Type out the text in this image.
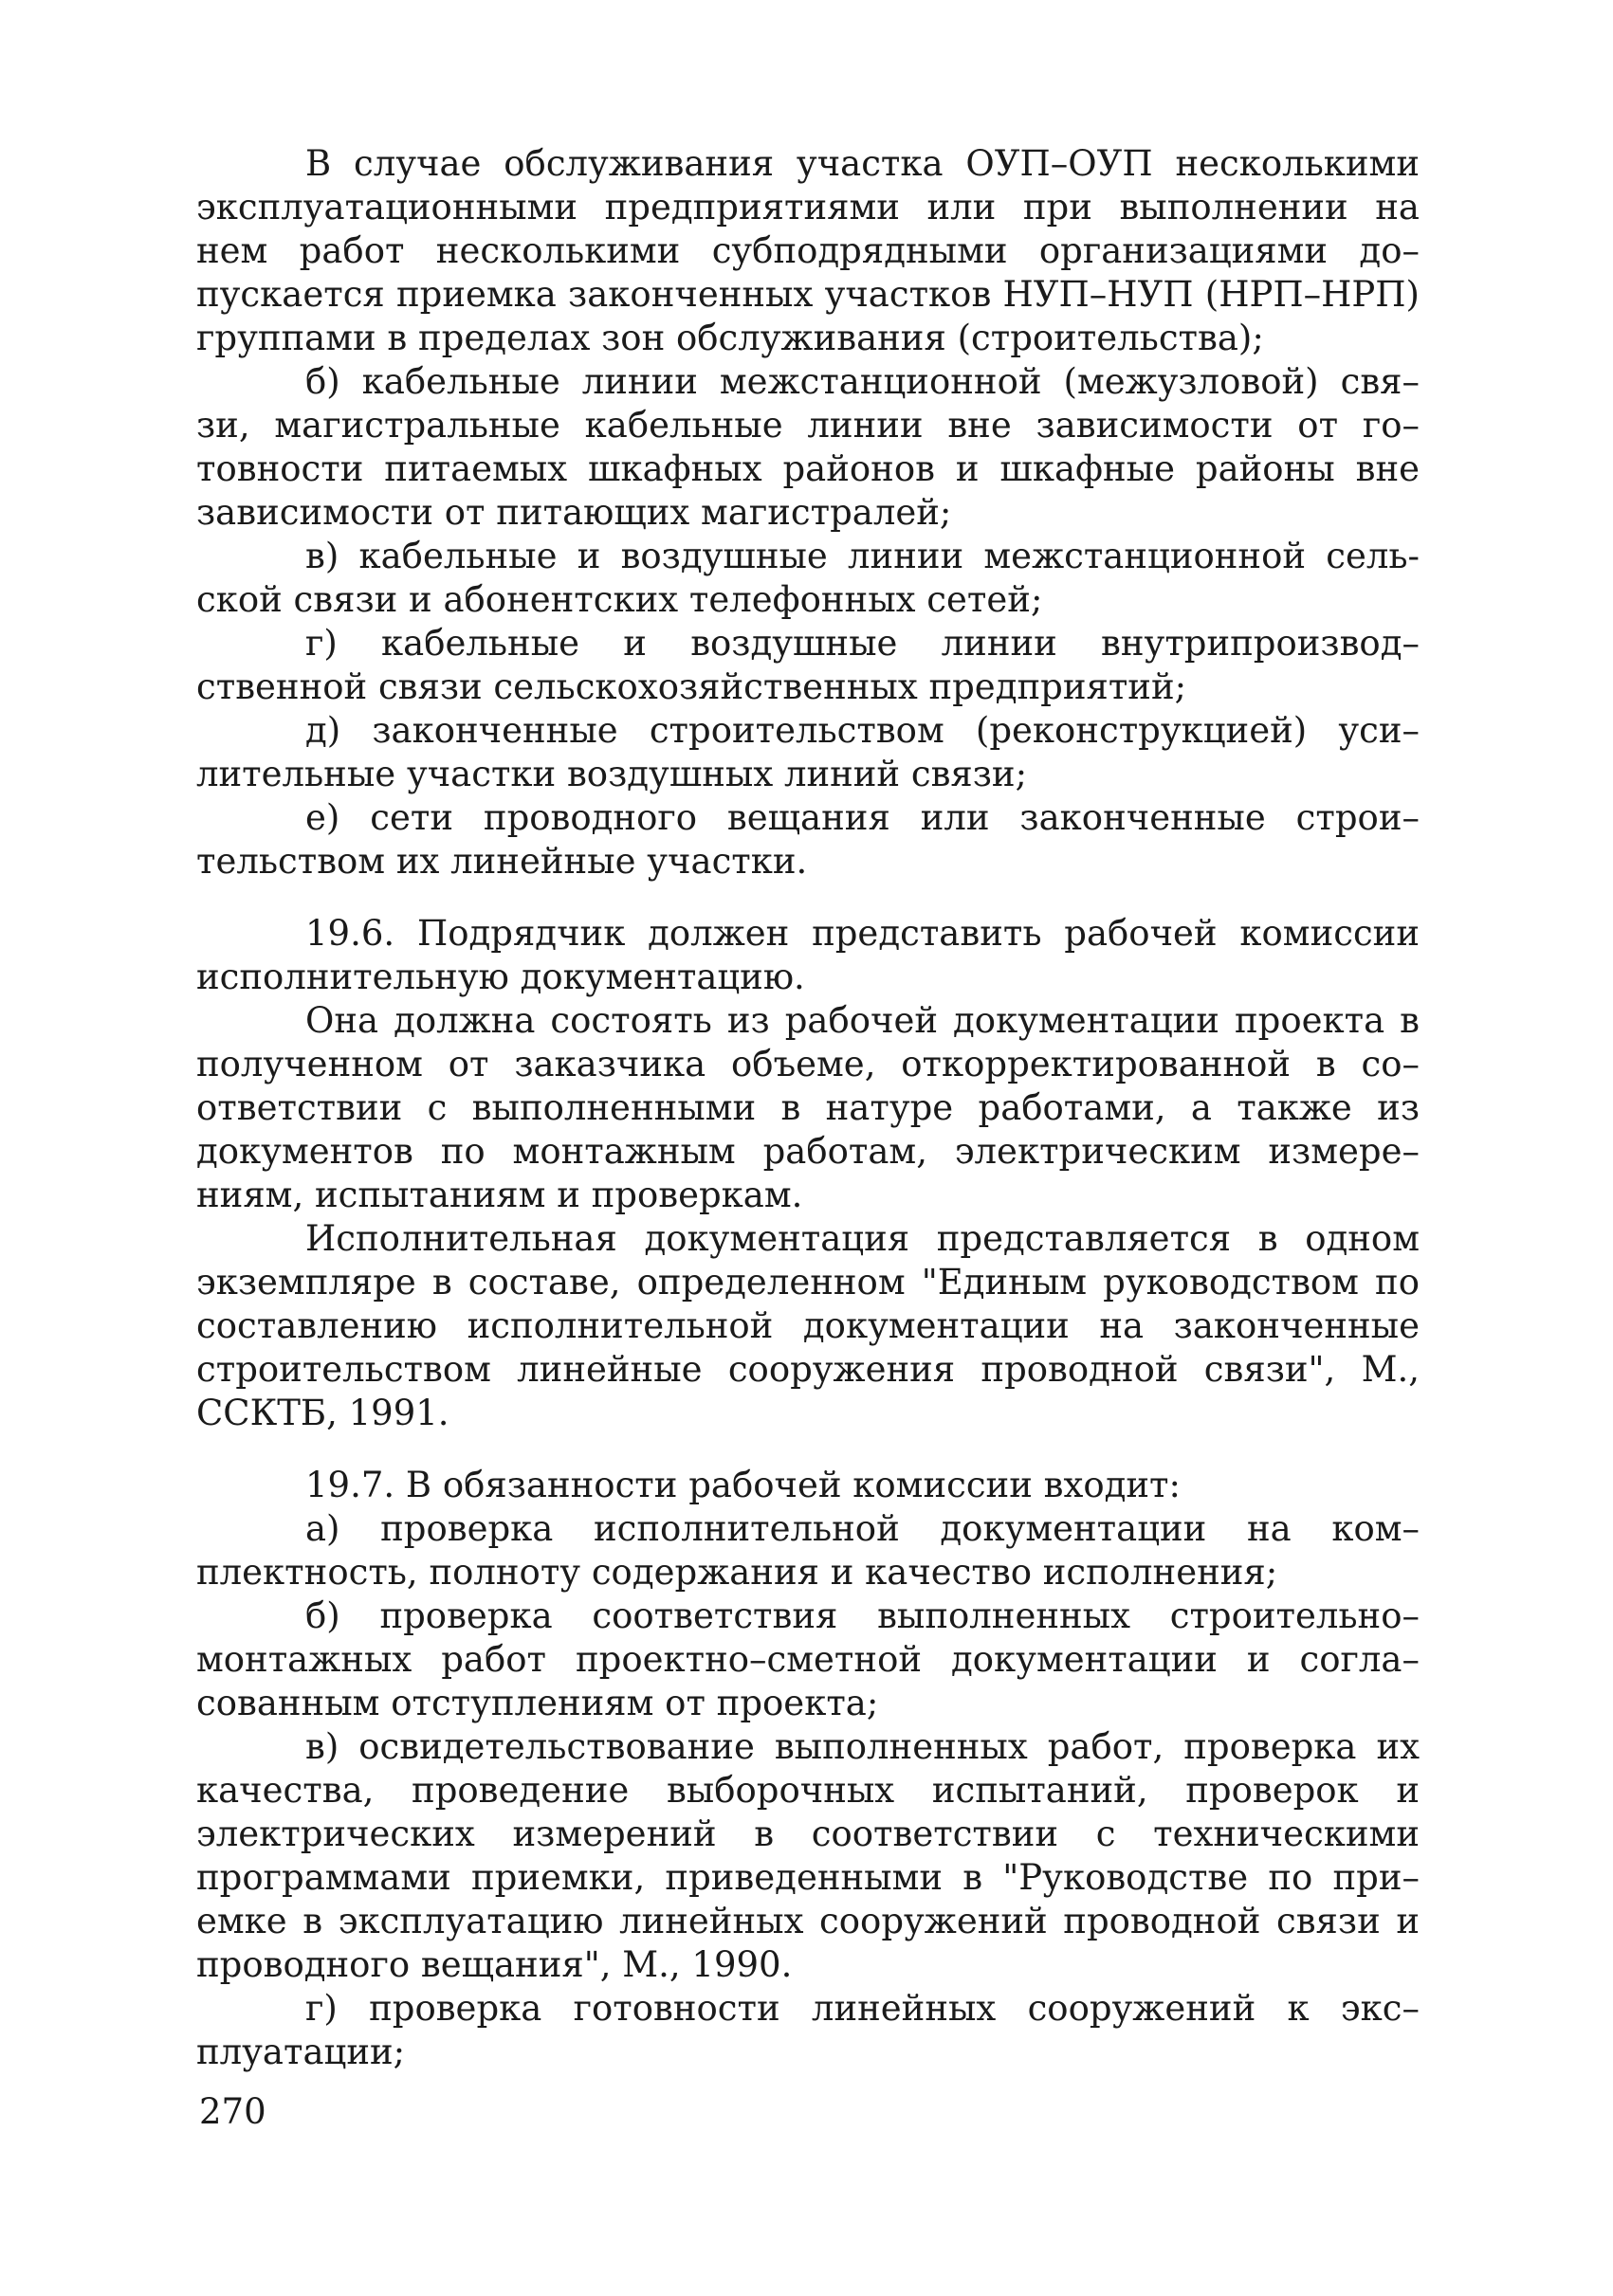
В случае обслуживания участка ОУП–ОУП несколькими эксплуатационными предприятиями или при выполнении на нем работ несколькими субподрядными организациями до–пускается приемка законченных участков НУП–НУП (НРП–НРП) группами в пределах зон обслуживания (строительства);

б) кабельные линии межстанционной (межузловой) свя–зи, магистральные кабельные линии вне зависимости от го–товности питаемых шкафных районов и шкафные районы вне зависимости от питающих магистралей;

в) кабельные и воздушные линии межстанционной сель-ской связи и абонентских телефонных сетей;

г) кабельные и воздушные линии внутрипроизвод–ственной связи сельскохозяйственных предприятий;

д) законченные строительством (реконструкцией) уси–лительные участки воздушных линий связи;

е) сети проводного вещания или законченные строи–тельством их линейные участки.

19.6. Подрядчик должен представить рабочей комиссии исполнительную документацию.

Она должна состоять из рабочей документации проекта в полученном от заказчика объеме, откорректированной в со–ответствии с выполненными в натуре работами, а также из документов по монтажным работам, электрическим измере–ниям, испытаниям и проверкам.

Исполнительная документация представляется в одном экземпляре в составе, определенном "Единым руководством по составлению исполнительной документации на законченные строительством линейные сооружения проводной связи", М., ССКТБ, 1991.

19.7. В обязанности рабочей комиссии входит:

а) проверка исполнительной документации на ком–плектность, полноту содержания и качество исполнения;

б) проверка соответствия выполненных строительно–монтажных работ проектно–сметной документации и согла–сованным отступлениям от проекта;

в) освидетельствование выполненных работ, проверка их качества, проведение выборочных испытаний, проверок и электрических измерений в соответствии с техническими программами приемки, приведенными в "Руководстве по при–емке в эксплуатацию линейных сооружений проводной связи и проводного вещания", М., 1990.

г) проверка готовности линейных сооружений к экс–плуатации;

270
